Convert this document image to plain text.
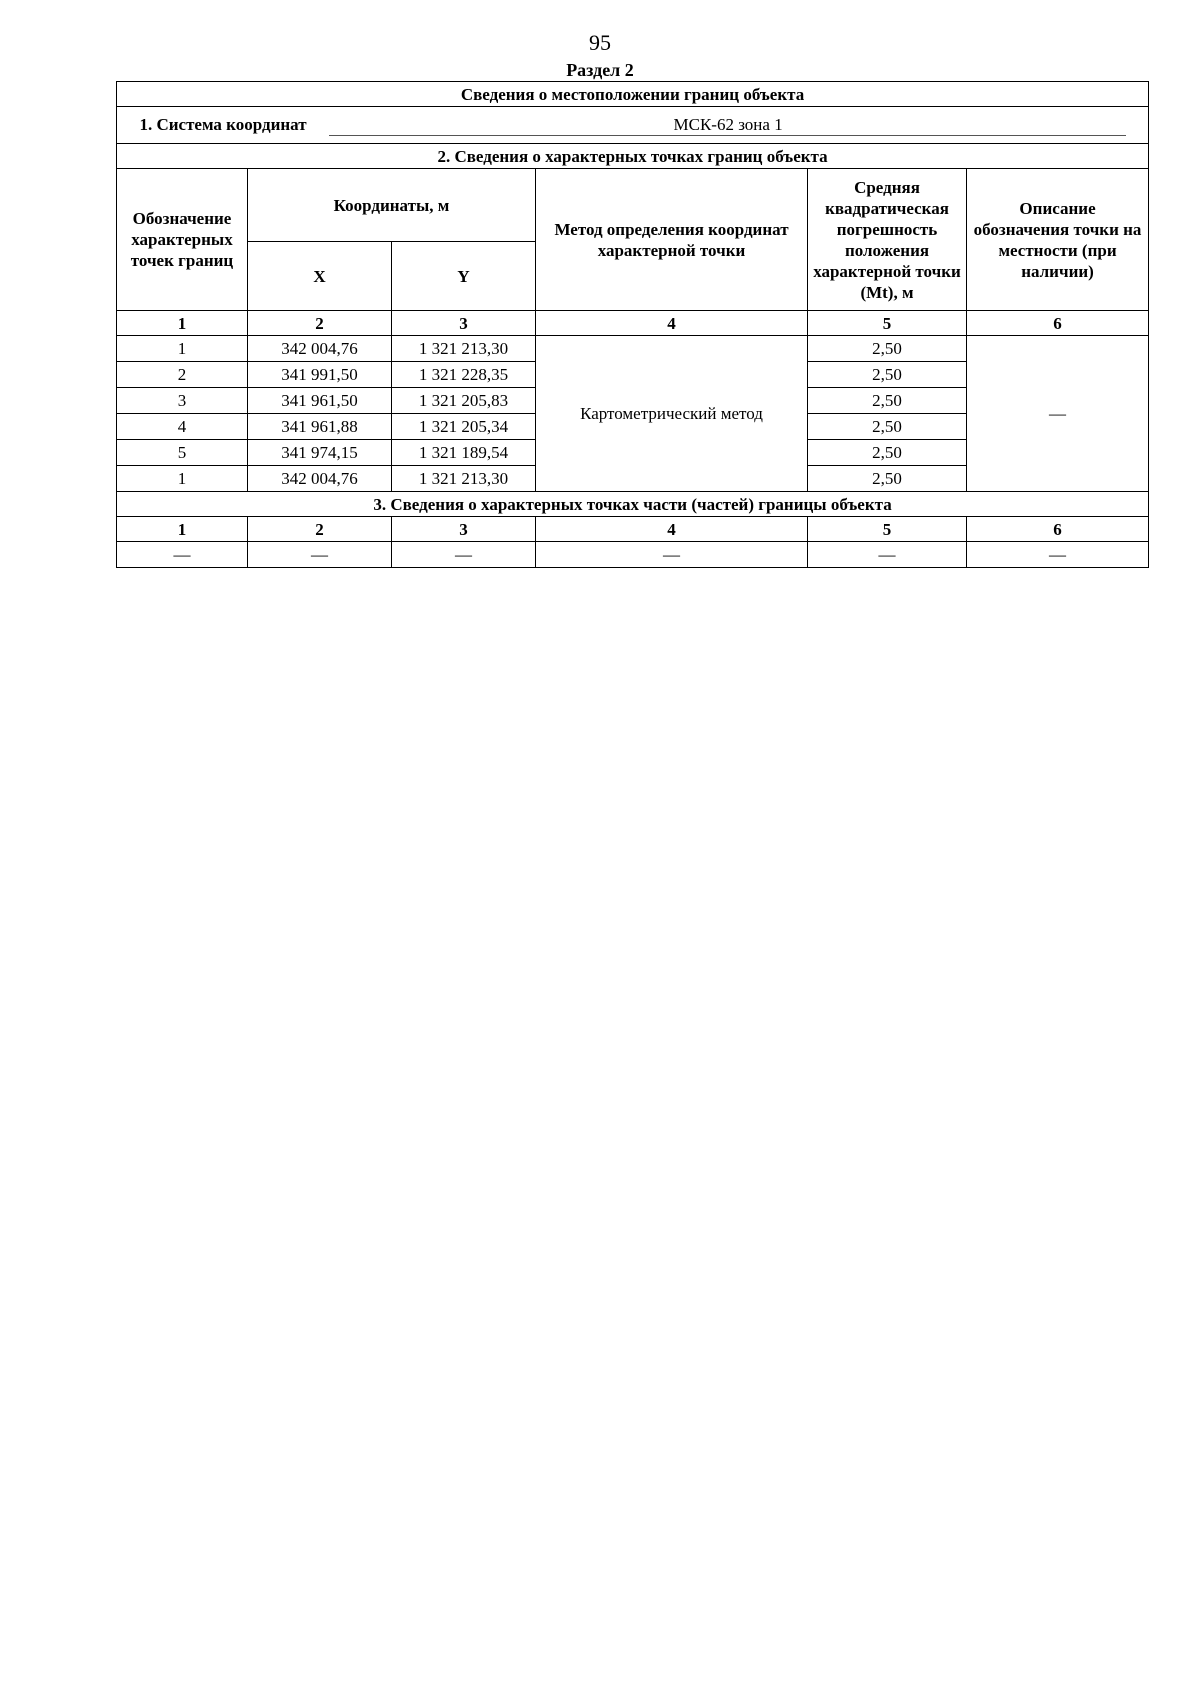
95
Раздел 2
Сведения о местоположении границ объекта					
1. Система координат МСК-62 зона 1					
2. Сведения о характерных точках границ объекта					
Обозначение характерных точек границ	Координаты, м		Метод определения координат характерной точки	Средняя квадратическая погрешность положения характерной точки (Mt), м	Описание обозначения точки на местности (при наличии)
	X	Y			
1	2	3	4	5	6
1	342 004,76	1 321 213,30	Картометрический метод	2,50	—
2	341 991,50	1 321 228,35		2,50	
3	341 961,50	1 321 205,83		2,50	
4	341 961,88	1 321 205,34		2,50	
5	341 974,15	1 321 189,54		2,50	
1	342 004,76	1 321 213,30		2,50	
3. Сведения о характерных точках части (частей) границы объекта					
1	2	3	4	5	6
—	—	—	—	—	—
